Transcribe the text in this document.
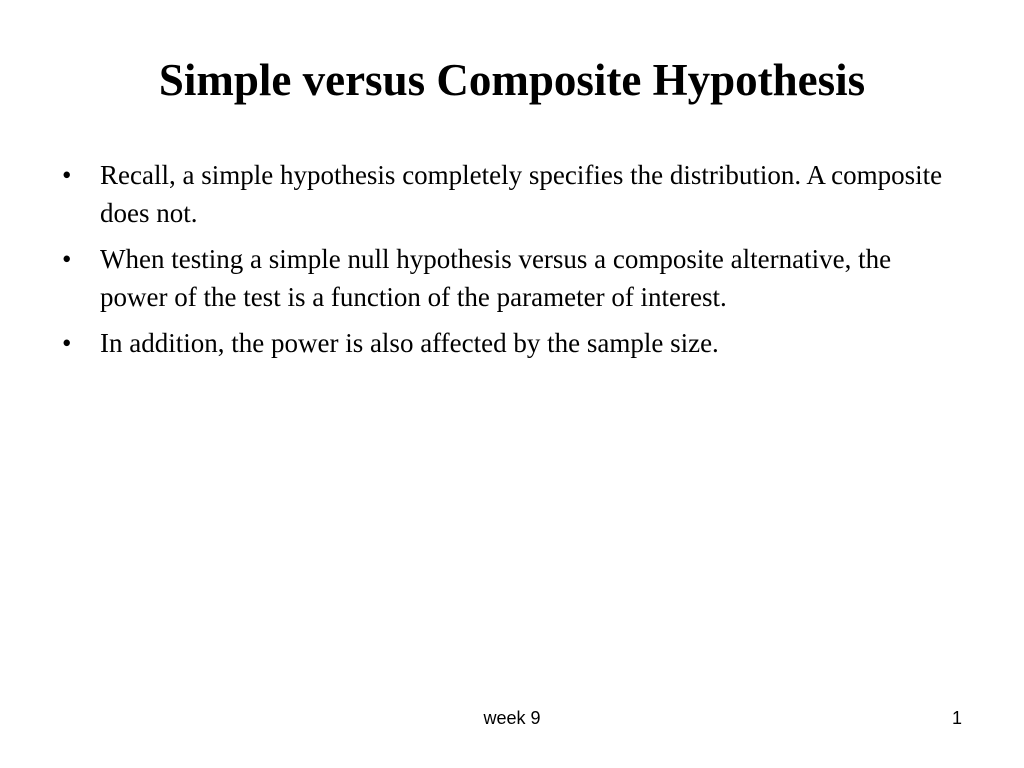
Simple versus Composite Hypothesis
• Recall, a simple hypothesis completely specifies the distribution. A composite does not.
• When testing a simple null hypothesis versus a composite alternative, the power of the test is a function of the parameter of interest.
• In addition, the power is also affected by the sample size.
week 9	1
